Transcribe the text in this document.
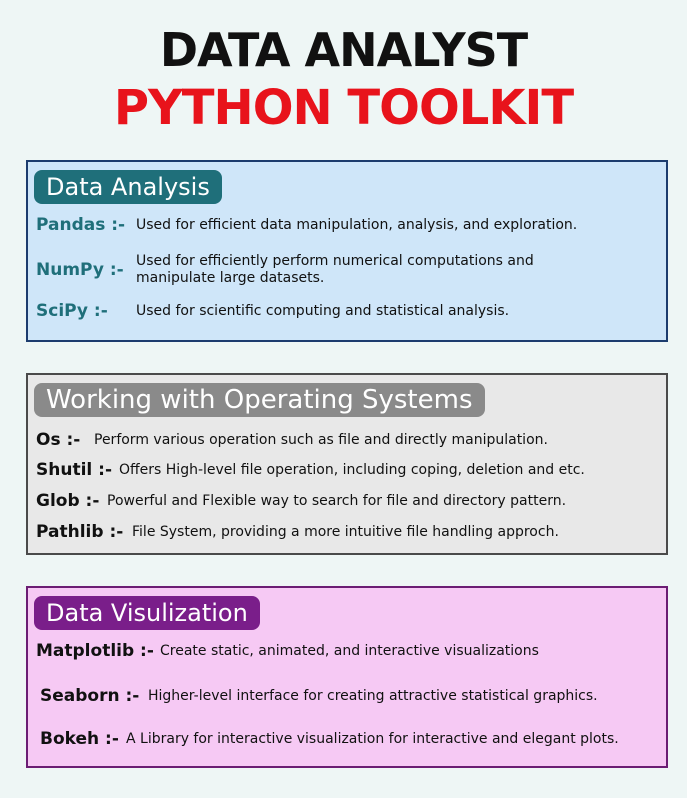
DATA ANALYST
PYTHON TOOLKIT
Data Analysis
Pandas :- Used for efficient data manipulation, analysis, and exploration.
NumPy :- Used for efficiently perform numerical computations and manipulate large datasets.
SciPy :- Used for scientific computing and statistical analysis.
Working with Operating Systems
Os :- Perform various operation such as file and directly manipulation.
Shutil :- Offers High-level file operation, including coping, deletion and etc.
Glob :- Powerful and Flexible way to search for file and directory pattern.
Pathlib :- File System, providing a more intuitive file handling approch.
Data Visulization
Matplotlib :- Create static, animated, and interactive visualizations
Seaborn :- Higher-level interface for creating attractive statistical graphics.
Bokeh :- A Library for interactive visualization for interactive and elegant plots.
